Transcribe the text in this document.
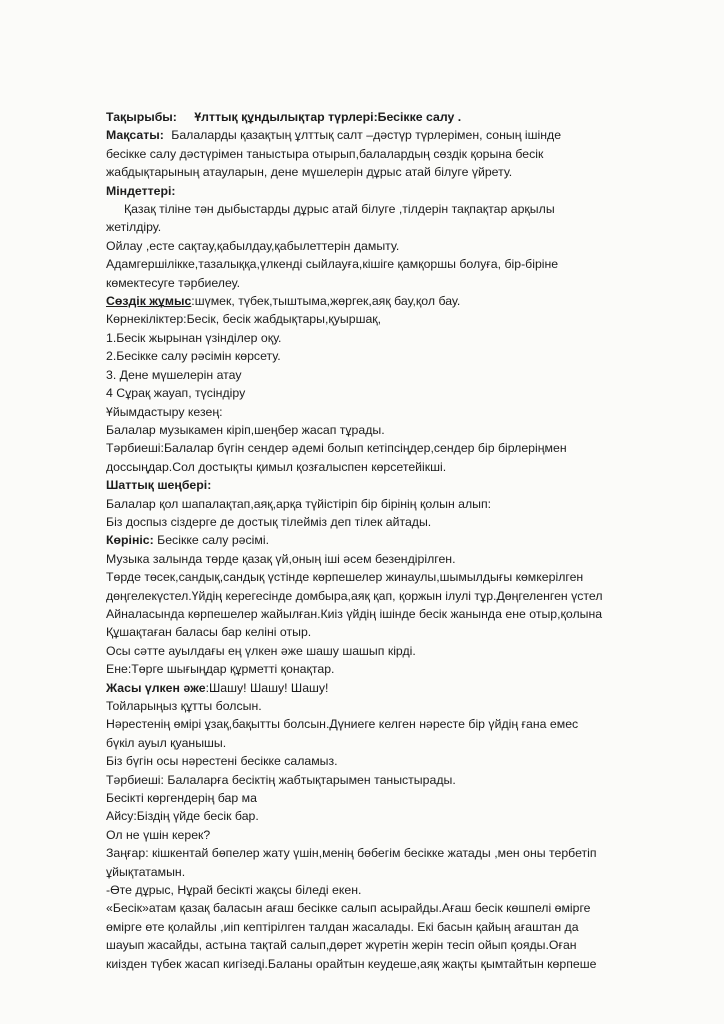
Тақырыбы: Ұлттық құндылықтар түрлері:Бесікке салу .
Мақсаты: Балаларды қазақтың ұлттық салт –дәстүр түрлерімен, соның ішінде
бесікке салу дәстүрімен таныстыра отырып,балалардың сөздік қорына бесік
жабдықтарының атауларын, дене мүшелерін дұрыс атай білуге үйрету.
Міндеттері:
Қазақ тіліне тән дыбыстарды дұрыс атай білуге ,тілдерін тақпақтар арқылы
жетілдіру.
Ойлау ,есте сақтау,қабылдау,қабылеттерін дамыту.
Адамгершілікке,тазалыққа,үлкенді сыйлауға,кішіге қамқоршы болуға, бір-біріне
көмектесуге тәрбиелеу.
Сөздік жұмыс:шүмек, түбек,тыштыма,жөргек,аяқ бау,қол бау.
Көрнекіліктер:Бесік, бесік жабдықтары,қуыршақ,
1.Бесік жырынан үзінділер оқу.
2.Бесікке салу рәсімін көрсету.
3. Дене мүшелерін атау
4 Сұрақ жауап, түсіндіру
Ұйымдастыру кезең:
Балалар музыкамен кіріп,шеңбер жасап тұрады.
Тәрбиеші:Балалар бүгін сендер әдемі болып кетіпсіңдер,сендер бір бірлеріңмен
доссыңдар.Сол достықты қимыл қозғалыспен көрсетейікші.
Шаттық шеңбері:
Балалар қол шапалақтап,аяқ,арқа түйістіріп бір бірінің қолын алып:
Біз доспыз сіздерге де достық тілейміз деп тілек айтады.
Көрініс: Бесікке салу рәсімі.
Музыка залында төрде қазақ үй,оның іші әсем безендірілген.
Төрде төсек,сандық,сандық үстінде көрпешелер жинаулы,шымылдығы көмкерілген
дөңгелекүстел.Үйдің керегесінде домбыра,аяқ қап, қоржын ілулі тұр.Дөңгеленген үстел
Айналасында көрпешелер жайылған.Киіз үйдің ішінде бесік жанында ене отыр,қолына
Құшақтаған баласы бар келіні отыр.
Осы сәтте ауылдағы ең үлкен әже шашу шашып кірді.
Ене:Төрге шығыңдар құрметті қонақтар.
Жасы үлкен әже:Шашу! Шашу! Шашу!
Тойларыңыз құтты болсын.
Нәрестенің өмірі ұзақ,бақытты болсын.Дүниеге келген нәресте бір үйдің ғана емес
бүкіл ауыл қуанышы.
Біз бүгін осы нәрестені бесікке саламыз.
Тәрбиеші: Балаларға бесіктің жабтықтарымен таныстырады.
Бесікті көргендерің бар ма
Айсу:Біздің үйде бесік бар.
Ол не үшін керек?
Заңғар: кішкентай бөпелер жату үшін,менің бөбегім бесікке жатады ,мен оны тербетіп
ұйықтатамын.
-Өте дұрыс, Нұрай бесікті жақсы біледі екен.
«Бесік»атам қазақ баласын ағаш бесікке салып асырайды.Ағаш бесік көшпелі өмірге
өмірге өте қолайлы ,иіп кептірілген талдан жасалады. Екі басын қайың ағаштан да
шауып жасайды, астына тақтай салып,дөрет жүретін жерін тесіп ойып қояды.Оған
киізден түбек жасап кигізеді.Баланы орайтын кеудеше,аяқ жақты қымтайтын көрпеше
